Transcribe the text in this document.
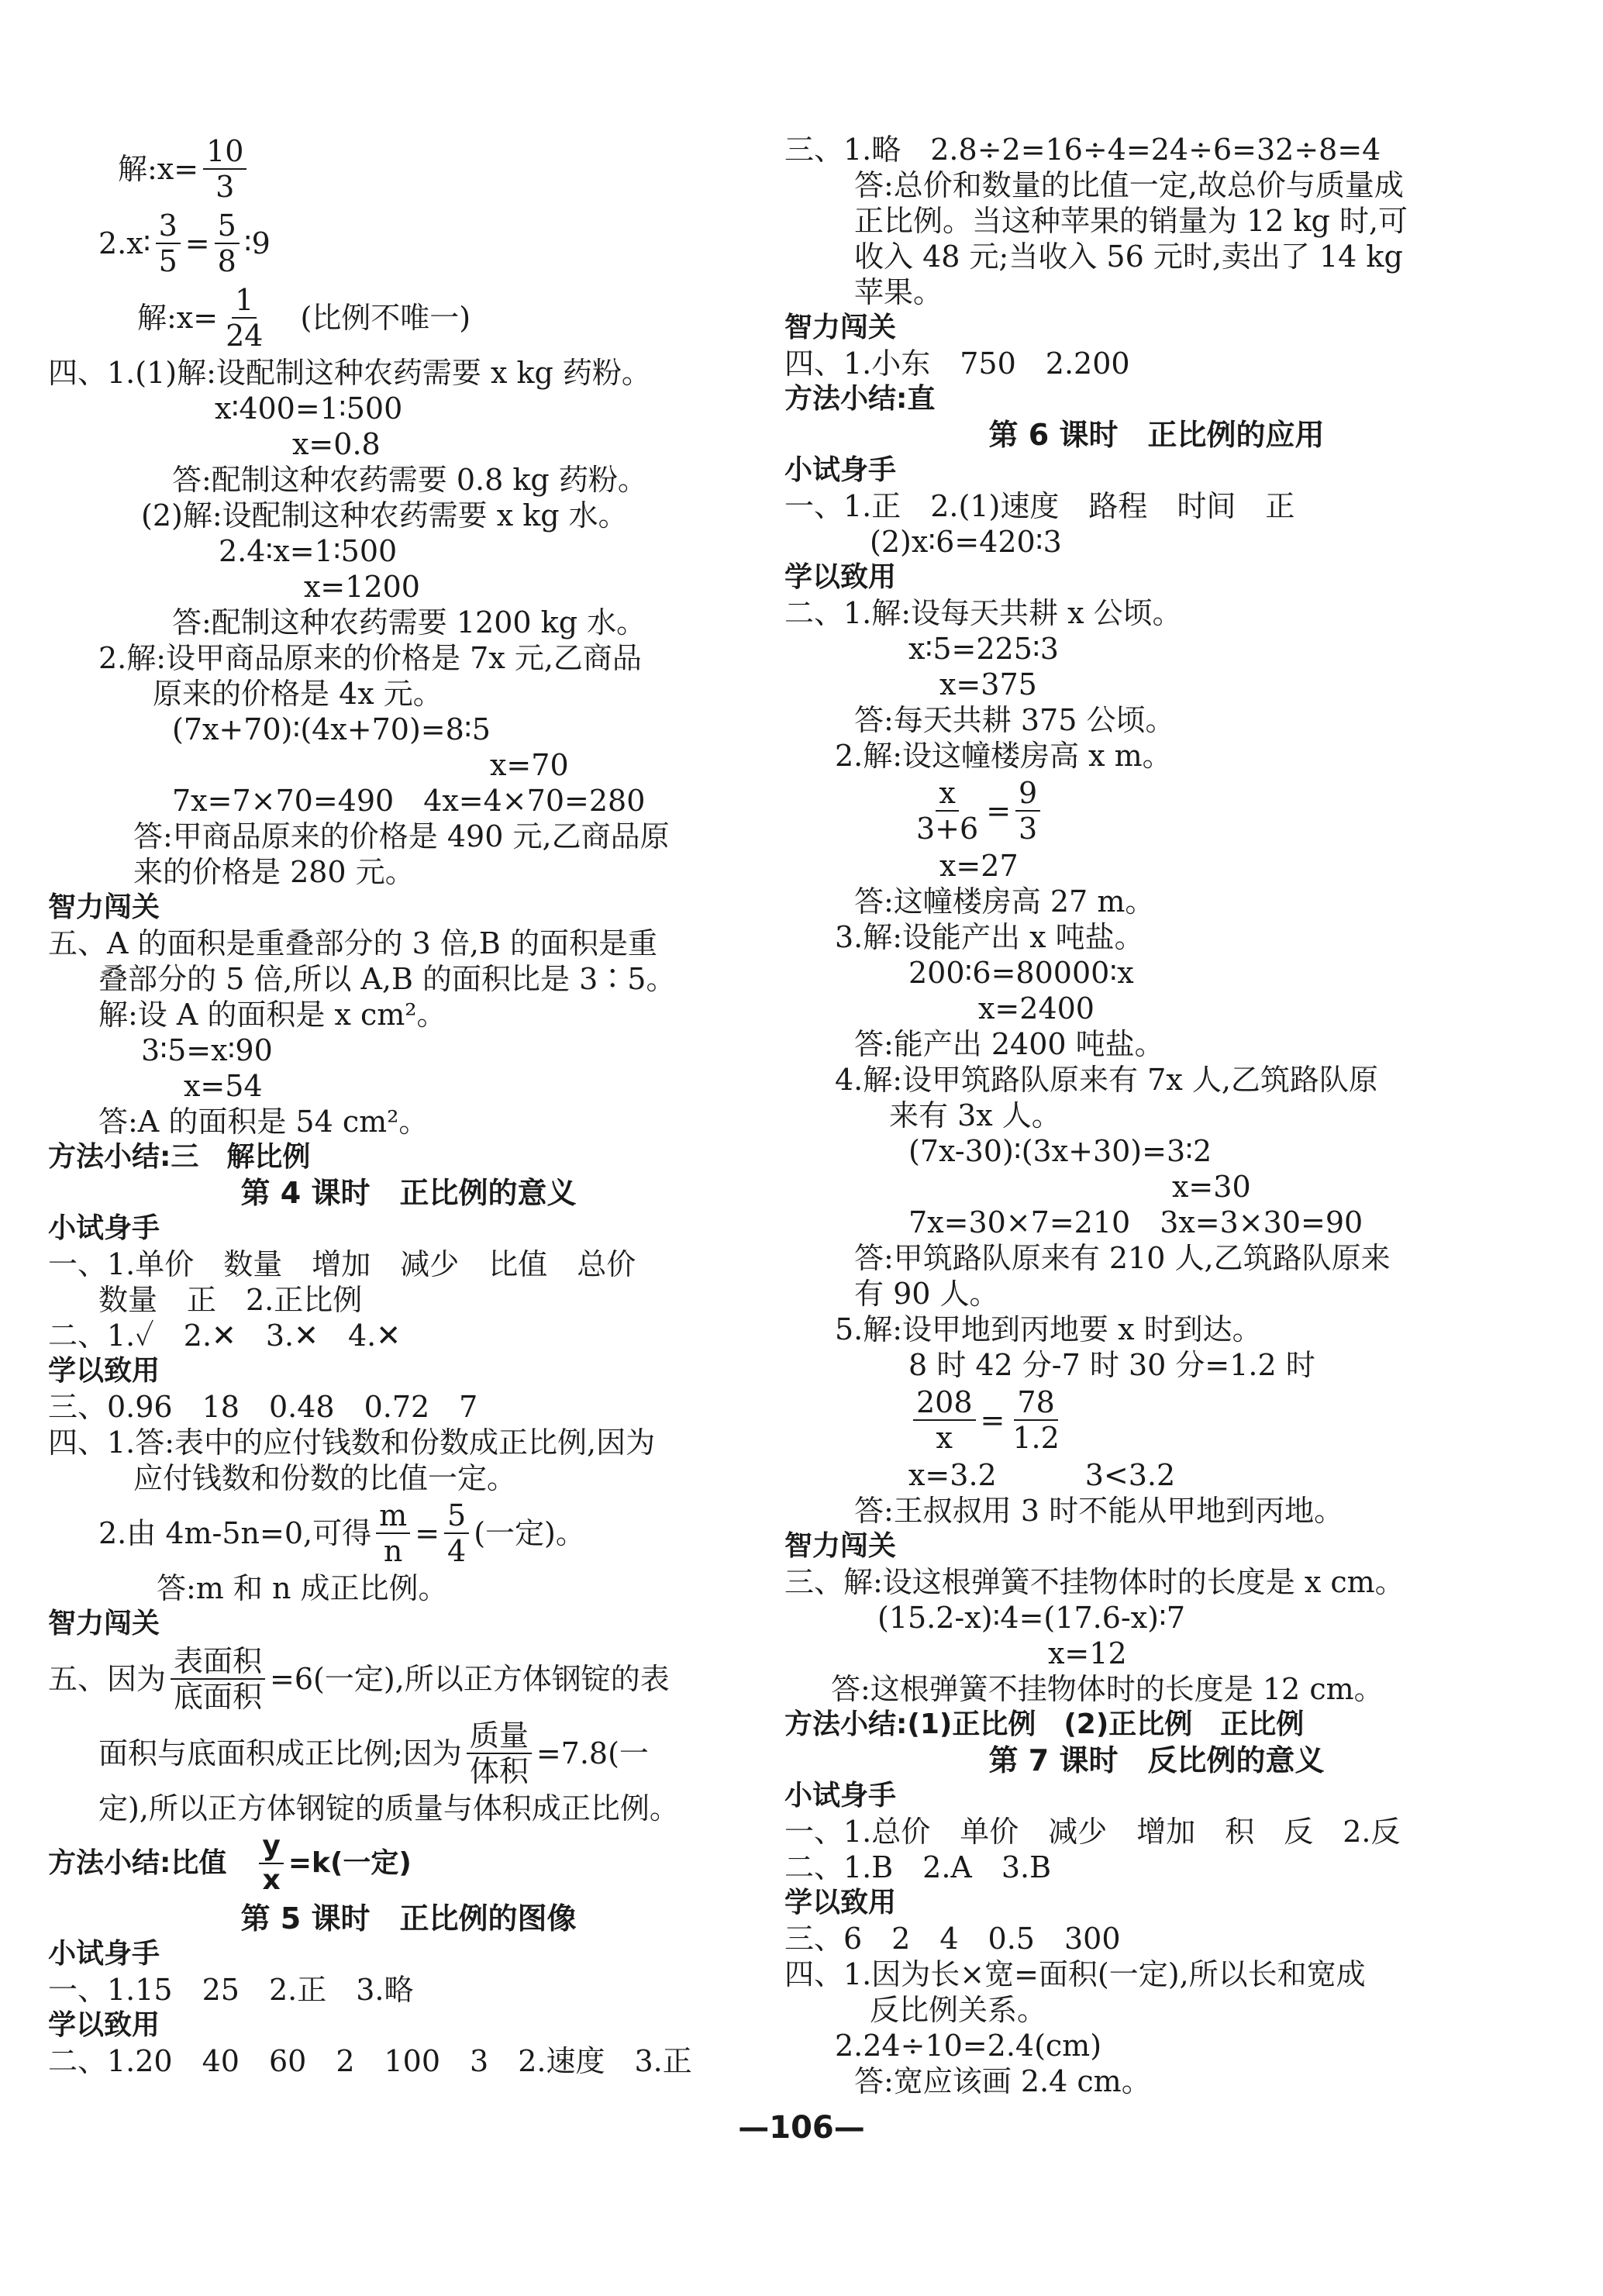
解:x= $\frac{10}{3}$
2.x∶ $\frac{3}{5} = \frac{5}{8}$ ∶9
解:x= $\frac{1}{24}$ 　(比例不唯一)
四、1.(1)解:设配制这种农药需要 x kg 药粉。
x∶400=1∶500
x=0.8
答:配制这种农药需要 0.8 kg 药粉。
(2)解:设配制这种农药需要 x kg 水。
2.4∶x=1∶500
x=1200
答:配制这种农药需要 1200 kg 水。
2.解:设甲商品原来的价格是 7x 元,乙商品
原来的价格是 4x 元。
(7x+70)∶(4x+70)=8∶5
x=70
7x=7×70=490　4x=4×70=280
答:甲商品原来的价格是 490 元,乙商品原
来的价格是 280 元。
智力闯关
五、A 的面积是重叠部分的 3 倍,B 的面积是重
叠部分的 5 倍,所以 A,B 的面积比是 3∶5。
解:设 A 的面积是 x cm²。
3∶5=x∶90
x=54
答:A 的面积是 54 cm²。
方法小结:三　解比例
第 4 课时　正比例的意义
小试身手
一、1.单价　数量　增加　减少　比值　总价
数量　正　2.正比例
二、1.✓　2.✕　3.✕　4.✕
学以致用
三、0.96　18　0.48　0.72　7
四、1.答:表中的应付钱数和份数成正比例,因为
应付钱数和份数的比值一定。
2.由 4m-5n=0,可得 $\frac{m}{n} = \frac{5}{4}$ (一定)。
答:m 和 n 成正比例。
智力闯关
五、因为 $\frac{\text{表面积}}{\text{底面积}} =6$(一定),所以正方体钢锭的表
面积与底面积成正比例;因为 $\frac{\text{质量}}{\text{体积}} =7.8$(一
定),所以正方体钢锭的质量与体积成正比例。
方法小结:比值　 $\frac{y}{x} =k$(一定)
第 5 课时　正比例的图像
小试身手
一、1.15　25　2.正　3.略
学以致用
二、1.20　40　60　2　100　3　2.速度　3.正
三、1.略　2.8÷2=16÷4=24÷6=32÷8=4
答:总价和数量的比值一定,故总价与质量成
正比例。当这种苹果的销量为 12 kg 时,可
收入 48 元;当收入 56 元时,卖出了 14 kg
苹果。
智力闯关
四、1.小东　750　2.200
方法小结:直
第 6 课时　正比例的应用
小试身手
一、1.正　2.(1)速度　路程　时间　正
(2)x∶6=420∶3
学以致用
二、1.解:设每天共耕 x 公顷。
x∶5=225∶3
x=375
答:每天共耕 375 公顷。
2.解:设这幢楼房高 x m。
$\frac{x}{3+6} = \frac{9}{3}$
x=27
答:这幢楼房高 27 m。
3.解:设能产出 x 吨盐。
200∶6=80000∶x
x=2400
答:能产出 2400 吨盐。
4.解:设甲筑路队原来有 7x 人,乙筑路队原
来有 3x 人。
(7x-30)∶(3x+30)=3∶2
x=30
7x=30×7=210　3x=3×30=90
答:甲筑路队原来有 210 人,乙筑路队原来
有 90 人。
5.解:设甲地到丙地要 x 时到达。
8 时 42 分-7 时 30 分=1.2 时
$\frac{208}{x} = \frac{78}{1.2}$
x=3.2　　　3<3.2
答:王叔叔用 3 时不能从甲地到丙地。
智力闯关
三、解:设这根弹簧不挂物体时的长度是 x cm。
(15.2-x)∶4=(17.6-x)∶7
x=12
答:这根弹簧不挂物体时的长度是 12 cm。
方法小结:(1)正比例　(2)正比例　正比例
第 7 课时　反比例的意义
小试身手
一、1.总价　单价　减少　增加　积　反　2.反
二、1.B　2.A　3.B
学以致用
三、6　2　4　0.5　300
四、1.因为长×宽=面积(一定),所以长和宽成
反比例关系。
2.24÷10=2.4(cm)
答:宽应该画 2.4 cm。
—106—
